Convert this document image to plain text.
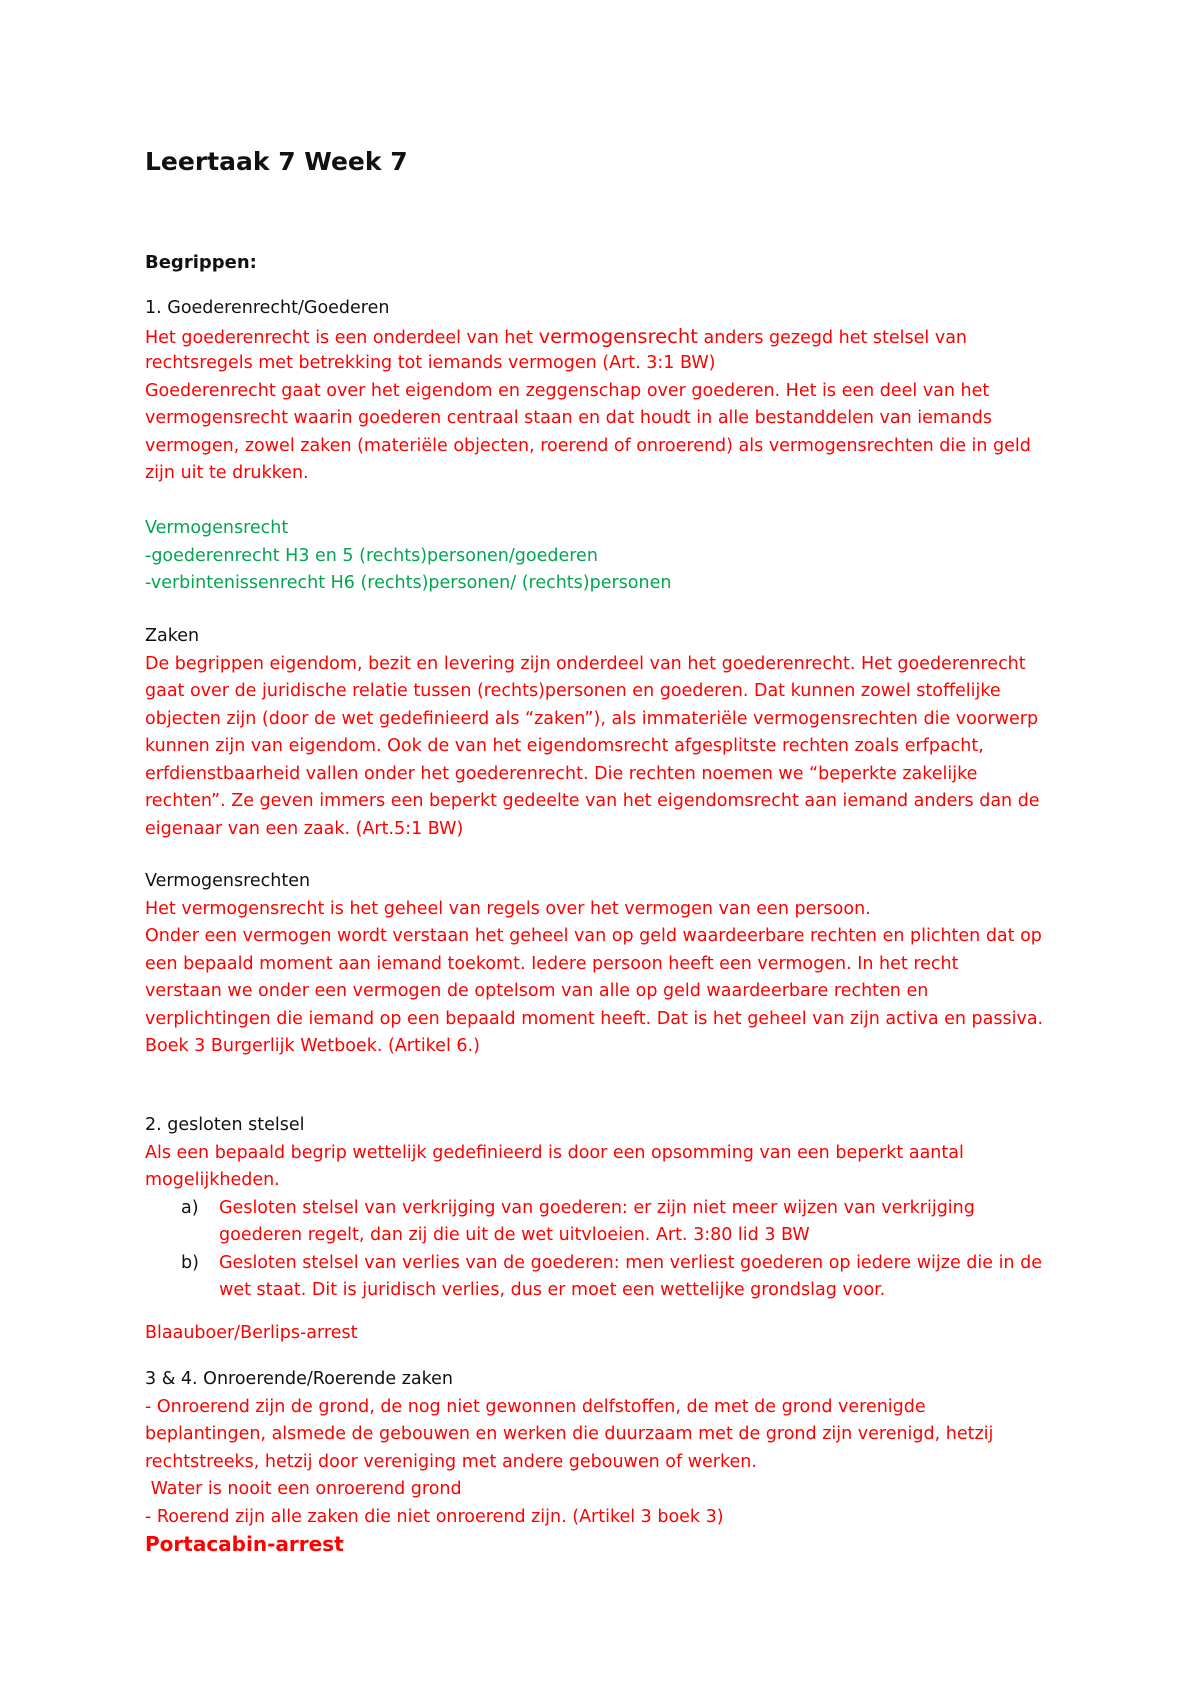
Leertaak 7 Week 7
Begrippen:
1. Goederenrecht/Goederen
Het goederenrecht is een onderdeel van het vermogensrecht anders gezegd het stelsel van
rechtsregels met betrekking tot iemands vermogen (Art. 3:1 BW)
Goederenrecht gaat over het eigendom en zeggenschap over goederen. Het is een deel van het
vermogensrecht waarin goederen centraal staan en dat houdt in alle bestanddelen van iemands
vermogen, zowel zaken (materiële objecten, roerend of onroerend) als vermogensrechten die in geld
zijn uit te drukken.
Vermogensrecht
-goederenrecht H3 en 5 (rechts)personen/goederen
-verbintenissenrecht H6 (rechts)personen/ (rechts)personen
Zaken
De begrippen eigendom, bezit en levering zijn onderdeel van het goederenrecht. Het goederenrecht
gaat over de juridische relatie tussen (rechts)personen en goederen. Dat kunnen zowel stoffelijke
objecten zijn (door de wet gedefinieerd als “zaken”), als immateriële vermogensrechten die voorwerp
kunnen zijn van eigendom. Ook de van het eigendomsrecht afgesplitste rechten zoals erfpacht,
erfdienstbaarheid vallen onder het goederenrecht. Die rechten noemen we “beperkte zakelijke
rechten”. Ze geven immers een beperkt gedeelte van het eigendomsrecht aan iemand anders dan de
eigenaar van een zaak. (Art.5:1 BW)
Vermogensrechten
Het vermogensrecht is het geheel van regels over het vermogen van een persoon.
Onder een vermogen wordt verstaan het geheel van op geld waardeerbare rechten en plichten dat op
een bepaald moment aan iemand toekomt. Iedere persoon heeft een vermogen. In het recht
verstaan we onder een vermogen de optelsom van alle op geld waardeerbare rechten en
verplichtingen die iemand op een bepaald moment heeft. Dat is het geheel van zijn activa en passiva.
Boek 3 Burgerlijk Wetboek. (Artikel 6.)
2. gesloten stelsel
Als een bepaald begrip wettelijk gedefinieerd is door een opsomming van een beperkt aantal
mogelijkheden.
a) Gesloten stelsel van verkrijging van goederen: er zijn niet meer wijzen van verkrijging
goederen regelt, dan zij die uit de wet uitvloeien. Art. 3:80 lid 3 BW
b) Gesloten stelsel van verlies van de goederen: men verliest goederen op iedere wijze die in de
wet staat. Dit is juridisch verlies, dus er moet een wettelijke grondslag voor.
Blaauboer/Berlips-arrest
3 & 4. Onroerende/Roerende zaken
- Onroerend zijn de grond, de nog niet gewonnen delfstoffen, de met de grond verenigde
beplantingen, alsmede de gebouwen en werken die duurzaam met de grond zijn verenigd, hetzij
rechtstreeks, hetzij door vereniging met andere gebouwen of werken.
Water is nooit een onroerend grond
- Roerend zijn alle zaken die niet onroerend zijn. (Artikel 3 boek 3)
Portacabin-arrest
